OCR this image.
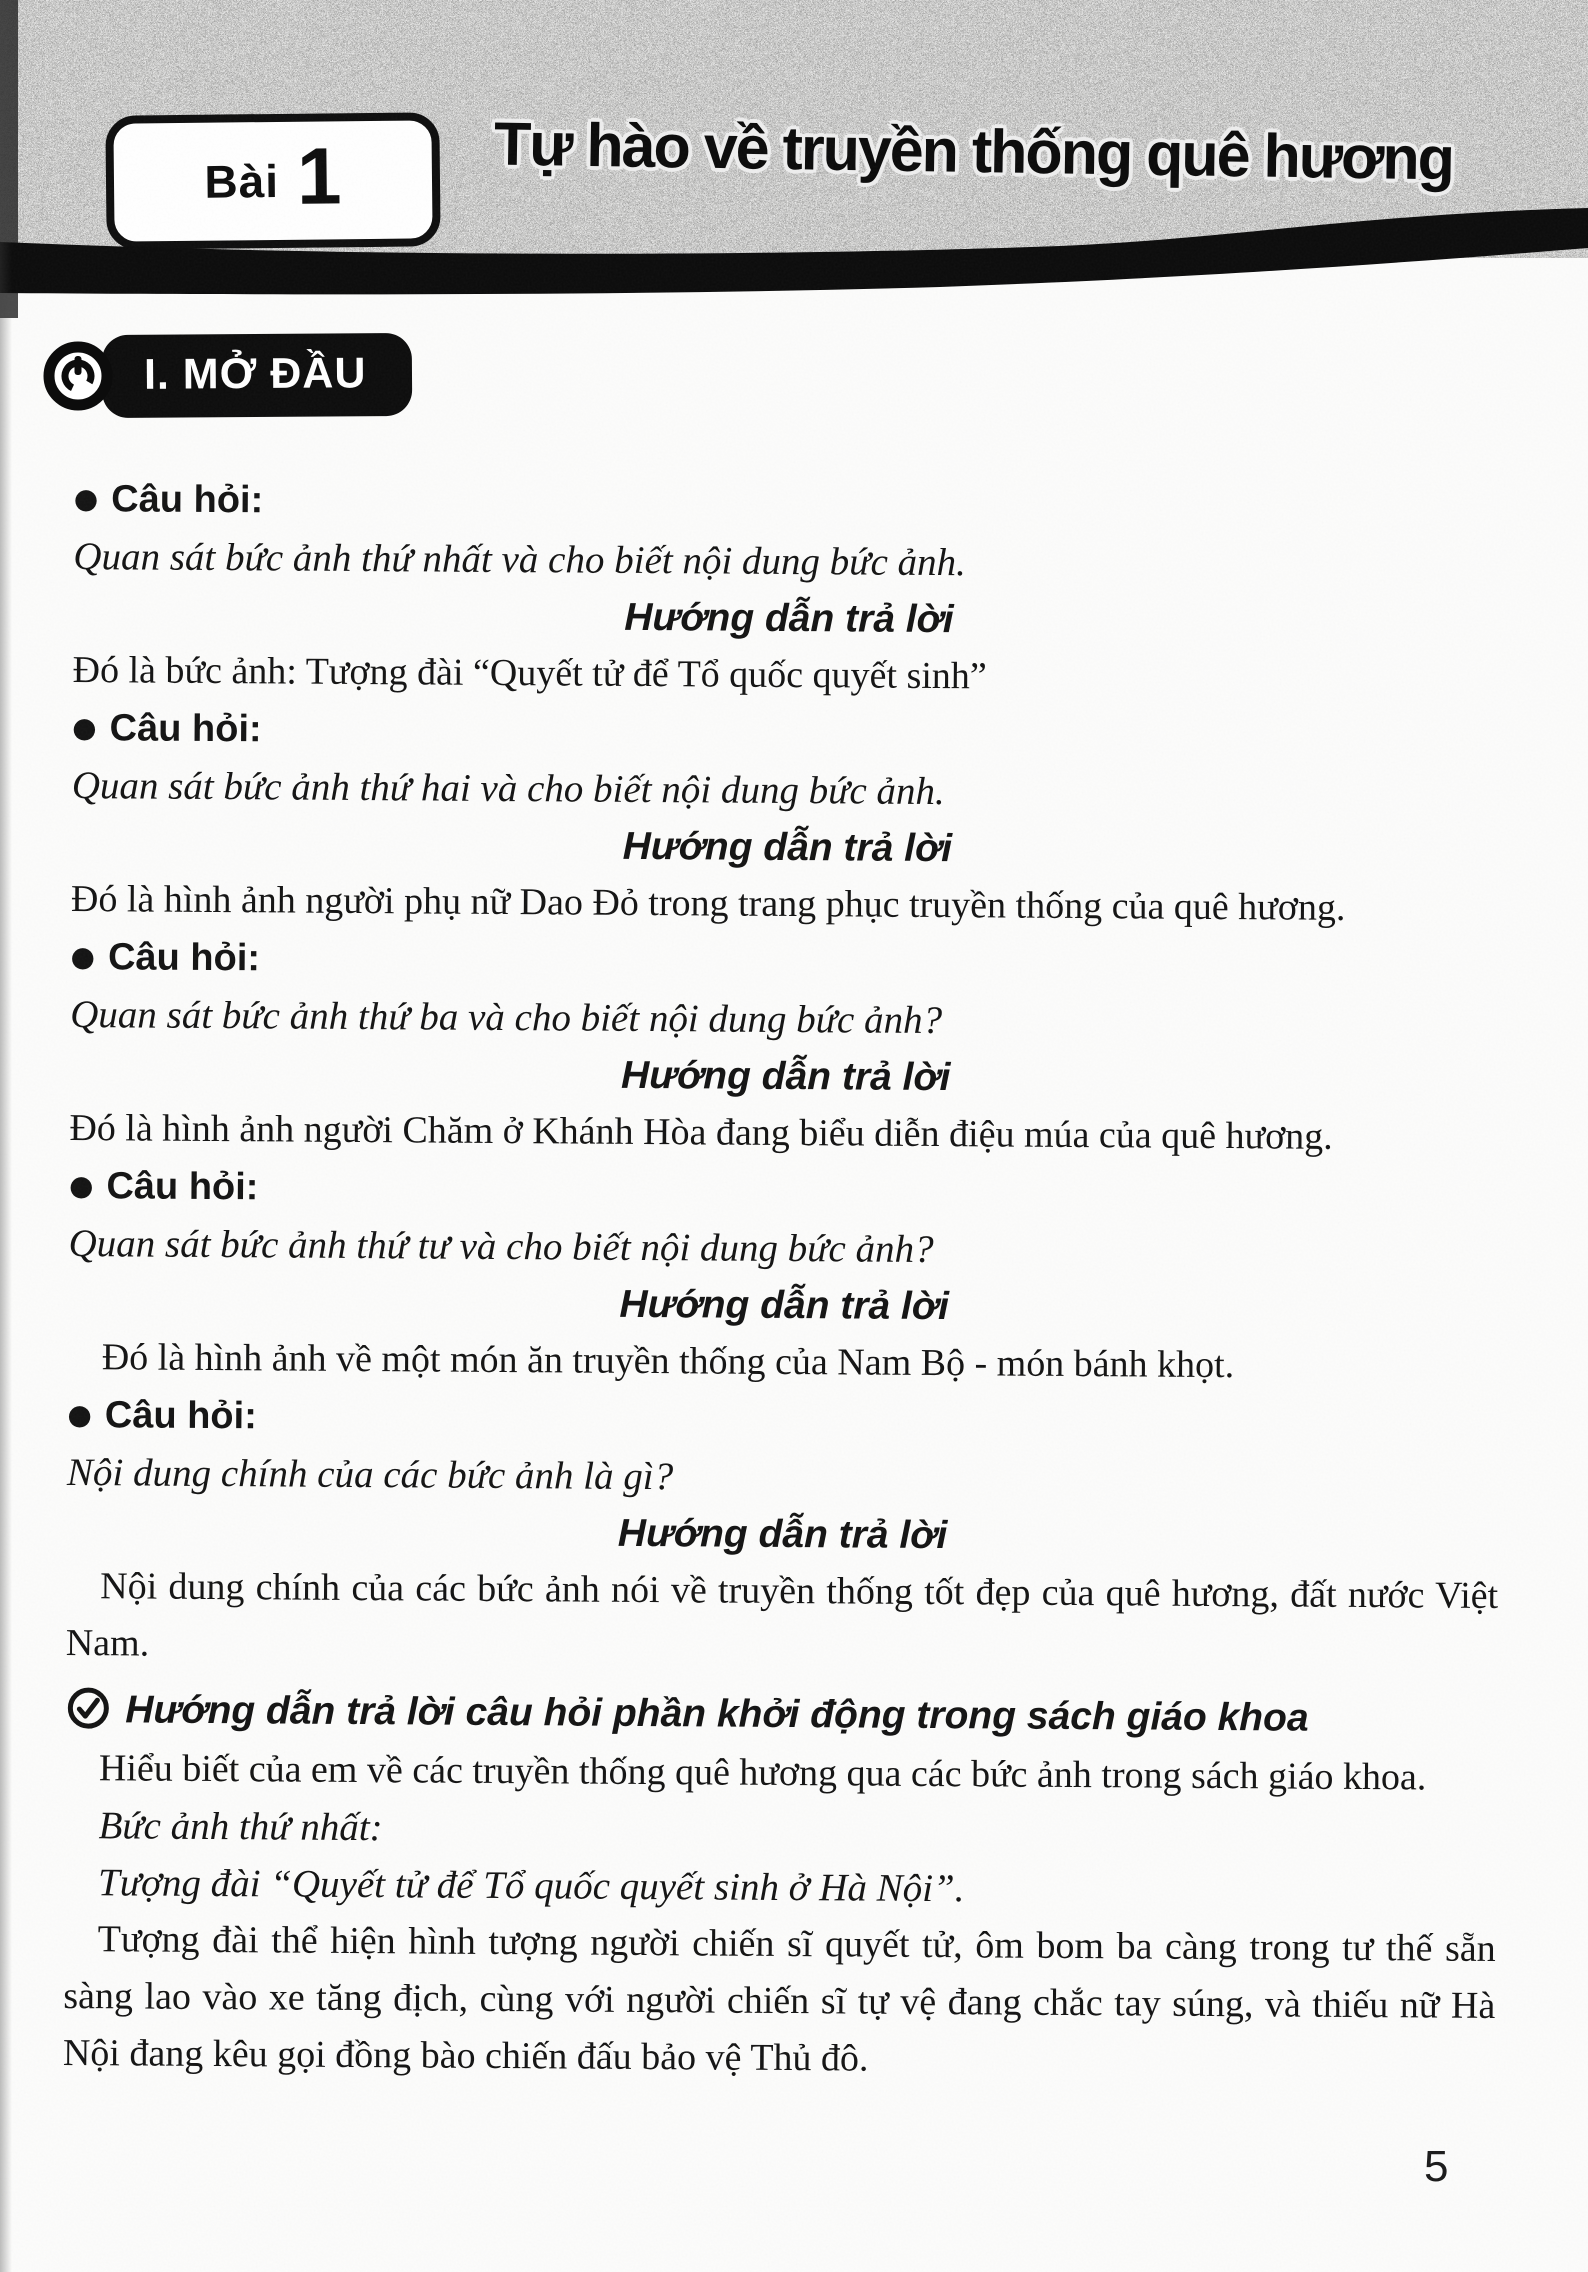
Bài 1 Tự hào về truyền thống quê hương
I. MỞ ĐẦU

● Câu hỏi:

Quan sát bức ảnh thứ nhất và cho biết nội dung bức ảnh.

Hướng dẫn trả lời

Đó là bức ảnh: Tượng đài “Quyết tử để Tổ quốc quyết sinh”

● Câu hỏi:

Quan sát bức ảnh thứ hai và cho biết nội dung bức ảnh.

Hướng dẫn trả lời

Đó là hình ảnh người phụ nữ Dao Đỏ trong trang phục truyền thống của quê hương.

● Câu hỏi:

Quan sát bức ảnh thứ ba và cho biết nội dung bức ảnh?

Hướng dẫn trả lời

Đó là hình ảnh người Chăm ở Khánh Hòa đang biểu diễn điệu múa của quê hương.

● Câu hỏi:

Quan sát bức ảnh thứ tư và cho biết nội dung bức ảnh?

Hướng dẫn trả lời

Đó là hình ảnh về một món ăn truyền thống của Nam Bộ - món bánh khọt.

● Câu hỏi:

Nội dung chính của các bức ảnh là gì?

Hướng dẫn trả lời

Nội dung chính của các bức ảnh nói về truyền thống tốt đẹp của quê hương, đất nước Việt Nam.

Hướng dẫn trả lời câu hỏi phần khởi động trong sách giáo khoa

Hiểu biết của em về các truyền thống quê hương qua các bức ảnh trong sách giáo khoa.

Bức ảnh thứ nhất:

Tượng đài “Quyết tử để Tổ quốc quyết sinh ở Hà Nội”.

Tượng đài thể hiện hình tượng người chiến sĩ quyết tử, ôm bom ba càng trong tư thế sẵn sàng lao vào xe tăng địch, cùng với người chiến sĩ tự vệ đang chắc tay súng, và thiếu nữ Hà Nội đang kêu gọi đồng bào chiến đấu bảo vệ Thủ đô.

5
